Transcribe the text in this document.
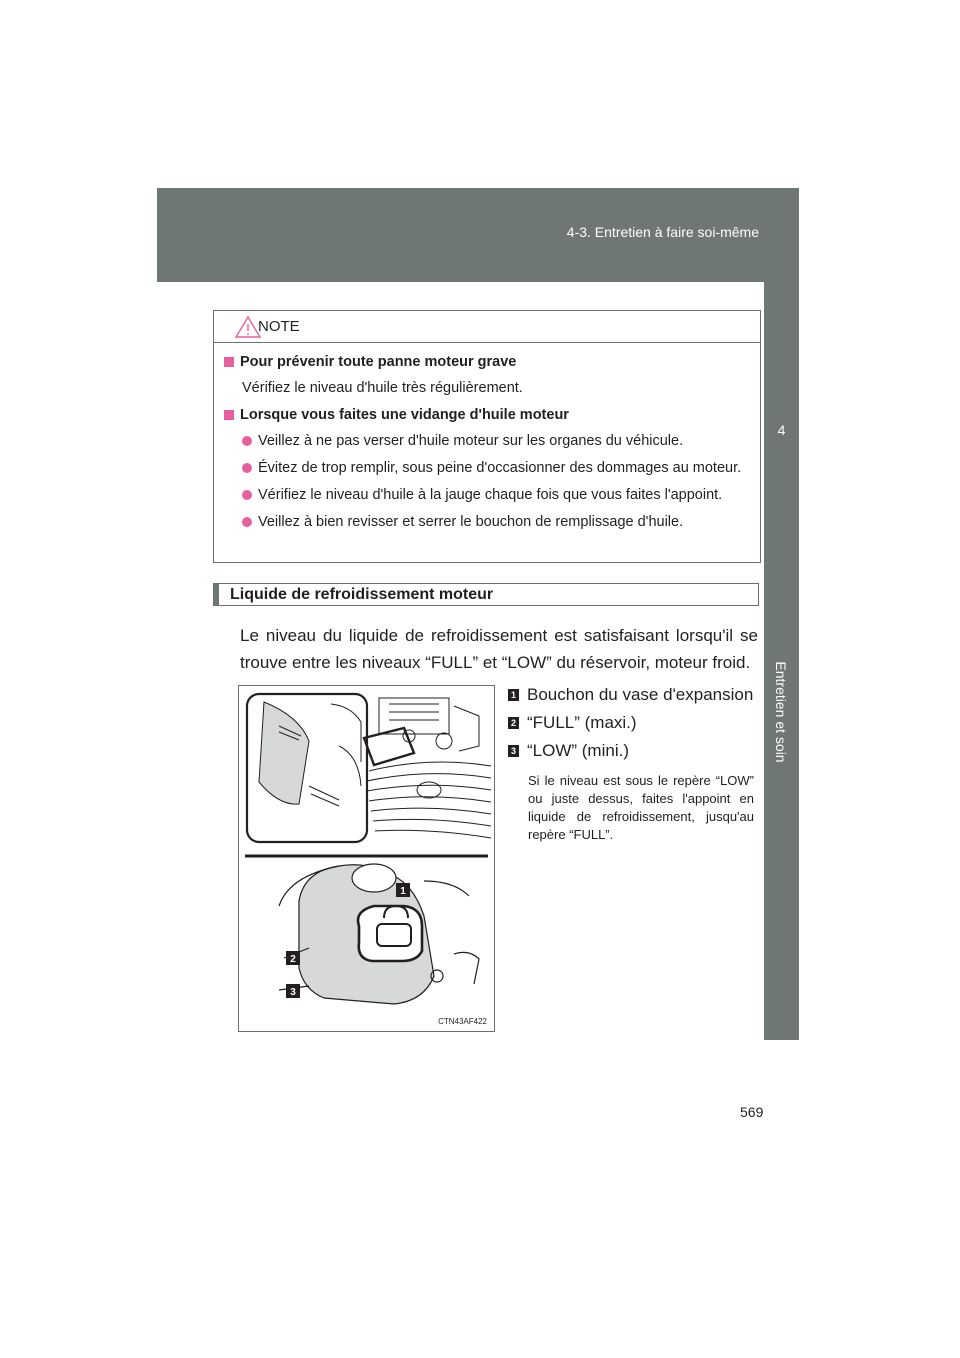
4-3. Entretien à faire soi-même
4
Entretien et soin
NOTE
Pour prévenir toute panne moteur grave
Vérifiez le niveau d'huile très régulièrement.
Lorsque vous faites une vidange d'huile moteur
Veillez à ne pas verser d'huile moteur sur les organes du véhicule.
Évitez de trop remplir, sous peine d'occasionner des dommages au moteur.
Vérifiez le niveau d'huile à la jauge chaque fois que vous faites l'appoint.
Veillez à bien revisser et serrer le bouchon de remplissage d'huile.
Liquide de refroidissement moteur
Le niveau du liquide de refroidissement est satisfaisant lorsqu'il se trouve entre les niveaux “FULL” et “LOW” du réservoir, moteur froid.
1
2
3
CTN43AF422
1 Bouchon du vase d'expansion
2 “FULL” (maxi.)
3 “LOW” (mini.)
Si le niveau est sous le repère “LOW” ou juste dessus, faites l'appoint en liquide de refroidissement, jusqu'au repère “FULL”.
569
